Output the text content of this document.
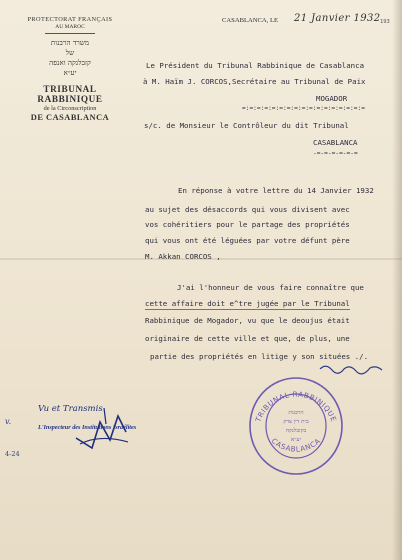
PROTECTORAT FRANÇAIS
AU MAROC
משרד הרבנות
של
קזבלנקה ואנפה
יע״א
TRIBUNAL RABBINIQUE
de la Circonscription
DE CASABLANCA
CASABLANCA, LE 21 Janvier 1932 193
Le Président du Tribunal Rabbinique de Casablanca
à M. Haïm J. CORCOS,Secrétaire au Tribunal de Paix
MOGADOR
=:=:=:=:=:=:=:=:=:=:=:=:=:=:=:=:=
s/c. de Monsieur le Contrôleur du dit Tribunal
CASABLANCA
-=-=-=-=-=-=
En réponse à votre lettre du 14 Janvier 1932
au sujet des désaccords qui vous divisent avec
vos cohéritiers pour le partage des propriétés
qui vous ont été léguées par votre défunt père
M. Akkan CORCOS ,
J'ai l'honneur de vous faire connaître que
cette affaire doit e^tre jugée par le Tribunal
Rabbinique de Mogador, vu que le deoujus était
originaire de cette ville et que, de plus, une
partie des propriétés en litige y son situées ./.
Vu et Transmis
L'Inspecteur des Institutions Israélites
v.
4-24
TRIBUNAL RABBINIQUE
CASABLANCA
הרבנות
בית דין צדק
בקזבלנקה
יע״א
